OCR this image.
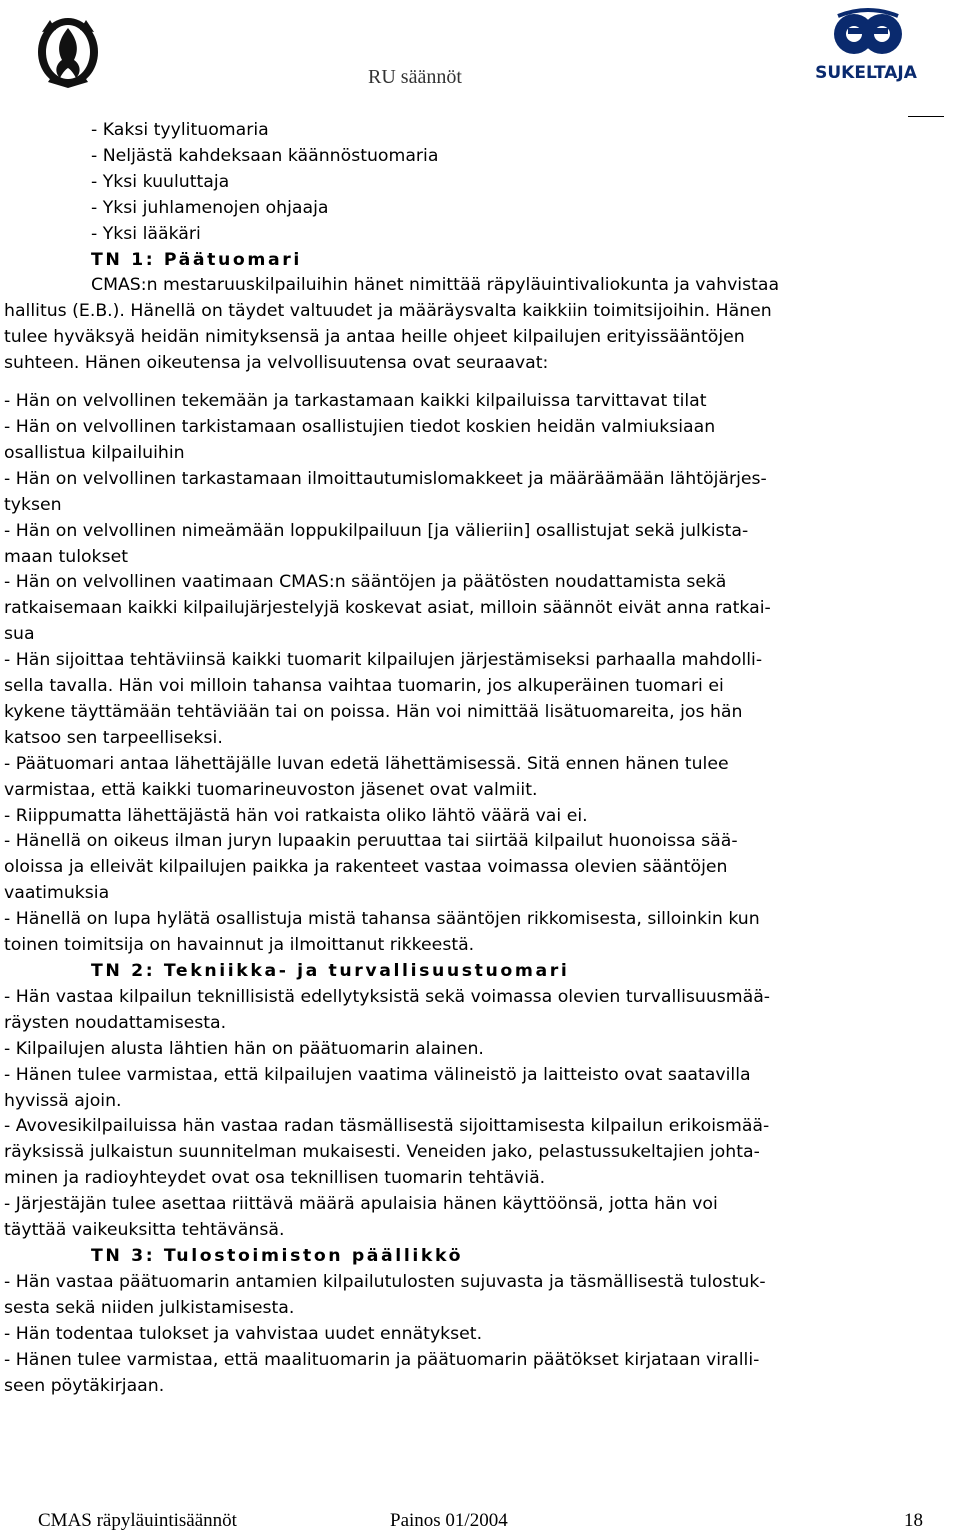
RU säännöt	SUKELTAJA

- Kaksi tyylituomaria

- Neljästä kahdeksaan käännöstuomaria

- Yksi kuuluttaja

- Yksi juhlamenojen ohjaaja

- Yksi lääkäri

TN 1: Päätuomari

CMAS:n mestaruuskilpailuihin hänet nimittää räpyläuintivaliokunta ja vahvistaa

hallitus (E.B.). Hänellä on täydet valtuudet ja määräysvalta kaikkiin toimitsijoihin. Hänen

tulee hyväksyä heidän nimityksensä ja antaa heille ohjeet kilpailujen erityissääntöjen

suhteen. Hänen oikeutensa ja velvollisuutensa ovat seuraavat:

- Hän on velvollinen tekemään ja tarkastamaan kaikki kilpailuissa tarvittavat tilat

- Hän on velvollinen tarkistamaan osallistujien tiedot koskien heidän valmiuksiaan

osallistua kilpailuihin

- Hän on velvollinen tarkastamaan ilmoittautumislomakkeet ja määräämään lähtöjärjes-

tyksen

- Hän on velvollinen nimeämään loppukilpailuun [ja välieriin] osallistujat sekä julkista-

maan tulokset

- Hän on velvollinen vaatimaan CMAS:n sääntöjen ja päätösten noudattamista sekä

ratkaisemaan kaikki kilpailujärjestelyjä koskevat asiat, milloin säännöt eivät anna ratkai-

sua

- Hän sijoittaa tehtäviinsä kaikki tuomarit kilpailujen järjestämiseksi parhaalla mahdolli-

sella tavalla. Hän voi milloin tahansa vaihtaa tuomarin, jos alkuperäinen tuomari ei

kykene täyttämään tehtäviään tai on poissa. Hän voi nimittää lisätuomareita, jos hän

katsoo sen tarpeelliseksi.

- Päätuomari antaa lähettäjälle luvan edetä lähettämisessä. Sitä ennen hänen tulee

varmistaa, että kaikki tuomarineuvoston jäsenet ovat valmiit.

- Riippumatta lähettäjästä hän voi ratkaista oliko lähtö väärä vai ei.

- Hänellä on oikeus ilman juryn lupaakin peruuttaa tai siirtää kilpailut huonoissa sää-

oloissa ja elleivät kilpailujen paikka ja rakenteet vastaa voimassa olevien sääntöjen

vaatimuksia

- Hänellä on lupa hylätä osallistuja mistä tahansa sääntöjen rikkomisesta, silloinkin kun

toinen toimitsija on havainnut ja ilmoittanut rikkeestä.

TN 2: Tekniikka- ja turvallisuustuomari

- Hän vastaa kilpailun teknillisistä edellytyksistä sekä voimassa olevien turvallisuusmää-

räysten noudattamisesta.

- Kilpailujen alusta lähtien hän on päätuomarin alainen.

- Hänen tulee varmistaa, että kilpailujen vaatima välineistö ja laitteisto ovat saatavilla

hyvissä ajoin.

- Avovesikilpailuissa hän vastaa radan täsmällisestä sijoittamisesta kilpailun erikoismää-

räyksissä julkaistun suunnitelman mukaisesti. Veneiden jako, pelastussukeltajien johta-

minen ja radioyhteydet ovat osa teknillisen tuomarin tehtäviä.

- Järjestäjän tulee asettaa riittävä määrä apulaisia hänen käyttöönsä, jotta hän voi

täyttää vaikeuksitta tehtävänsä.

TN 3: Tulostoimiston päällikkö

- Hän vastaa päätuomarin antamien kilpailutulosten sujuvasta ja täsmällisestä tulostuk-

sesta sekä niiden julkistamisesta.

- Hän todentaa tulokset ja vahvistaa uudet ennätykset.

- Hänen tulee varmistaa, että maalituomarin ja päätuomarin päätökset kirjataan viralli-

seen pöytäkirjaan.

CMAS räpyläuintisäännöt	Painos 01/2004	18
